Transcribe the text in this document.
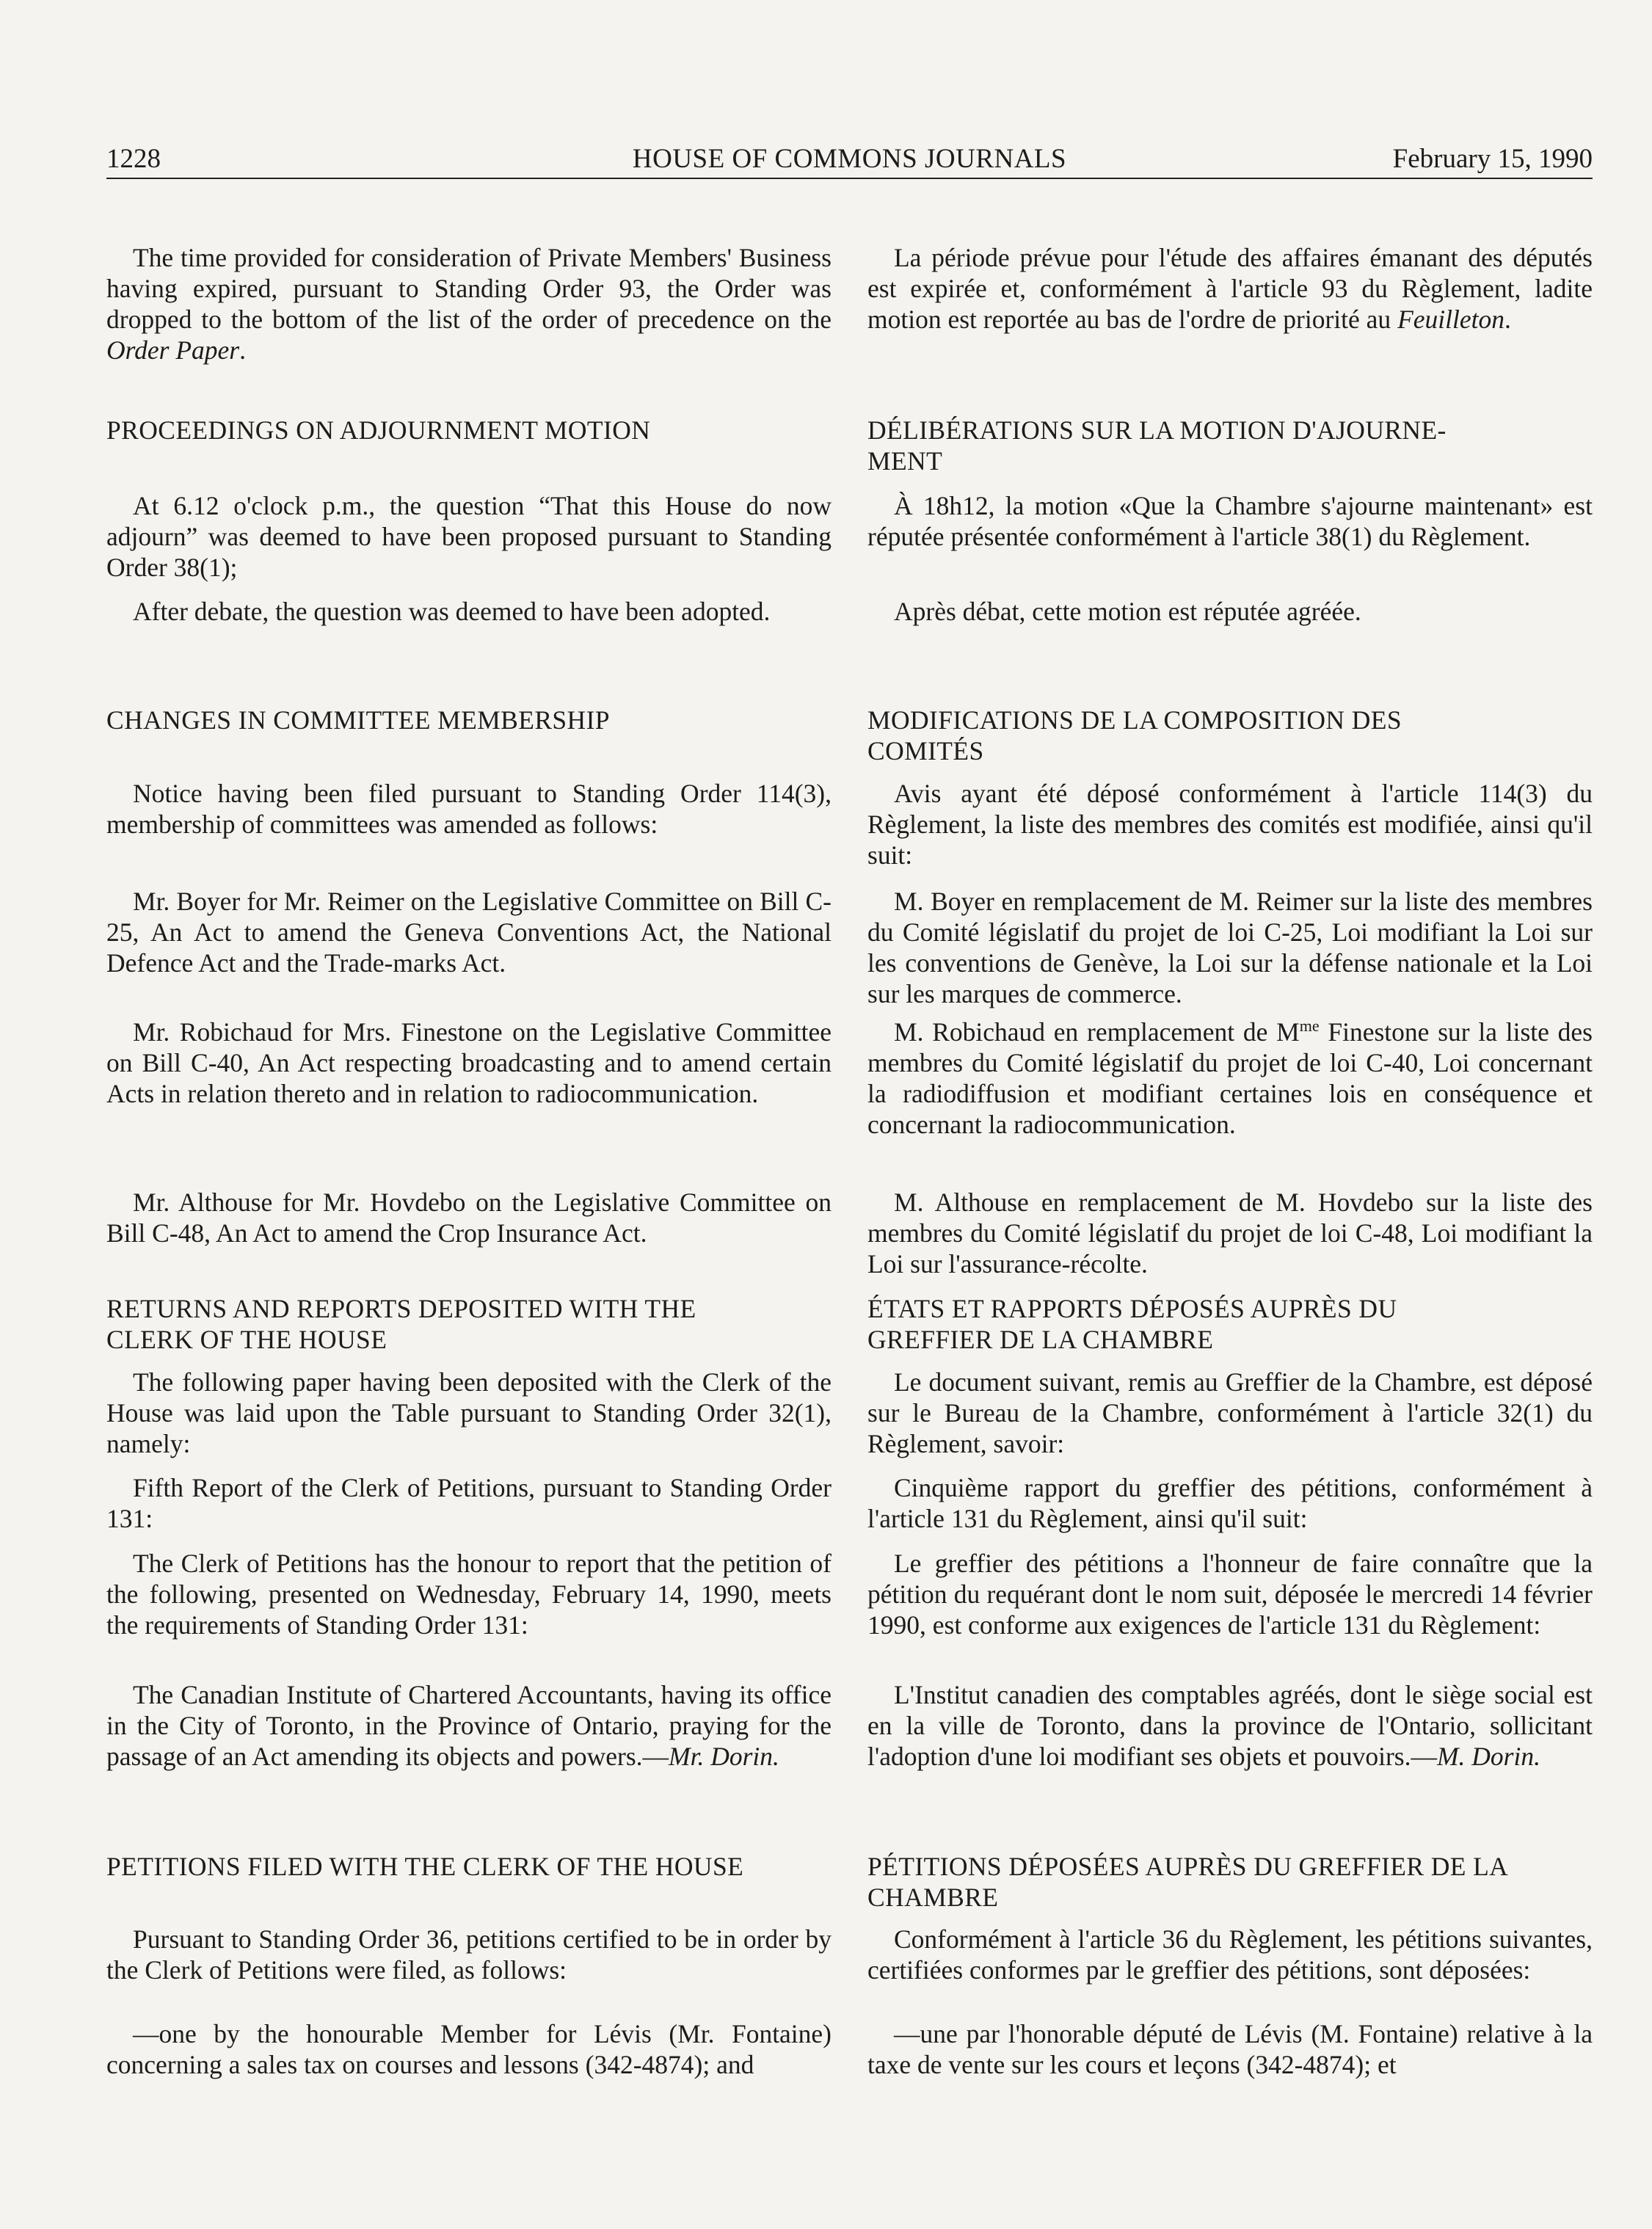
1228	HOUSE OF COMMONS JOURNALS	February 15, 1990

The time provided for consideration of Private Members' Business having expired, pursuant to Standing Order 93, the Order was dropped to the bottom of the list of the order of precedence on the Order Paper.

PROCEEDINGS ON ADJOURNMENT MOTION

At 6.12 o'clock p.m., the question “That this House do now adjourn” was deemed to have been proposed pursuant to Standing Order 38(1);

After debate, the question was deemed to have been adopted.

CHANGES IN COMMITTEE MEMBERSHIP

Notice having been filed pursuant to Standing Order 114(3), membership of committees was amended as follows:

Mr. Boyer for Mr. Reimer on the Legislative Committee on Bill C-25, An Act to amend the Geneva Conventions Act, the National Defence Act and the Trade-marks Act.

Mr. Robichaud for Mrs. Finestone on the Legislative Committee on Bill C-40, An Act respecting broadcasting and to amend certain Acts in relation thereto and in relation to radiocommunication.

Mr. Althouse for Mr. Hovdebo on the Legislative Committee on Bill C-48, An Act to amend the Crop Insurance Act.

RETURNS AND REPORTS DEPOSITED WITH THE

CLERK OF THE HOUSE

The following paper having been deposited with the Clerk of the House was laid upon the Table pursuant to Standing Order 32(1), namely:

Fifth Report of the Clerk of Petitions, pursuant to Standing Order 131:

The Clerk of Petitions has the honour to report that the petition of the following, presented on Wednesday, February 14, 1990, meets the requirements of Standing Order 131:

The Canadian Institute of Chartered Accountants, having its office in the City of Toronto, in the Province of Ontario, praying for the passage of an Act amending its objects and powers.—Mr. Dorin.

PETITIONS FILED WITH THE CLERK OF THE HOUSE

Pursuant to Standing Order 36, petitions certified to be in order by the Clerk of Petitions were filed, as follows:

—one by the honourable Member for Lévis (Mr. Fontaine) concerning a sales tax on courses and lessons (342-4874); and

La période prévue pour l'étude des affaires émanant des députés est expirée et, conformément à l'article 93 du Règlement, ladite motion est reportée au bas de l'ordre de priorité au Feuilleton.

DÉLIBÉRATIONS SUR LA MOTION D'AJOURNE-

MENT

À 18h12, la motion «Que la Chambre s'ajourne maintenant» est réputée présentée conformément à l'article 38(1) du Règlement.

Après débat, cette motion est réputée agréée.

MODIFICATIONS DE LA COMPOSITION DES

COMITÉS

Avis ayant été déposé conformément à l'article 114(3) du Règlement, la liste des membres des comités est modifiée, ainsi qu'il suit:

M. Boyer en remplacement de M. Reimer sur la liste des membres du Comité législatif du projet de loi C-25, Loi modifiant la Loi sur les conventions de Genève, la Loi sur la défense nationale et la Loi sur les marques de commerce.

M. Robichaud en remplacement de $M^{me}$ Finestone sur la liste des membres du Comité législatif du projet de loi C-40, Loi concernant la radiodiffusion et modifiant certaines lois en conséquence et concernant la radiocommunication.

M. Althouse en remplacement de M. Hovdebo sur la liste des membres du Comité législatif du projet de loi C-48, Loi modifiant la Loi sur l'assurance-récolte.

ÉTATS ET RAPPORTS DÉPOSÉS AUPRÈS DU

GREFFIER DE LA CHAMBRE

Le document suivant, remis au Greffier de la Chambre, est déposé sur le Bureau de la Chambre, conformément à l'article 32(1) du Règlement, savoir:

Cinquième rapport du greffier des pétitions, conformément à l'article 131 du Règlement, ainsi qu'il suit:

Le greffier des pétitions a l'honneur de faire connaître que la pétition du requérant dont le nom suit, déposée le mercredi 14 février 1990, est conforme aux exigences de l'article 131 du Règlement:

L'Institut canadien des comptables agréés, dont le siège social est en la ville de Toronto, dans la province de l'Ontario, sollicitant l'adoption d'une loi modifiant ses objets et pouvoirs.—M. Dorin.

PÉTITIONS DÉPOSÉES AUPRÈS DU GREFFIER DE LA

CHAMBRE

Conformément à l'article 36 du Règlement, les pétitions suivantes, certifiées conformes par le greffier des pétitions, sont déposées:

—une par l'honorable député de Lévis (M. Fontaine) relative à la taxe de vente sur les cours et leçons (342-4874); et
